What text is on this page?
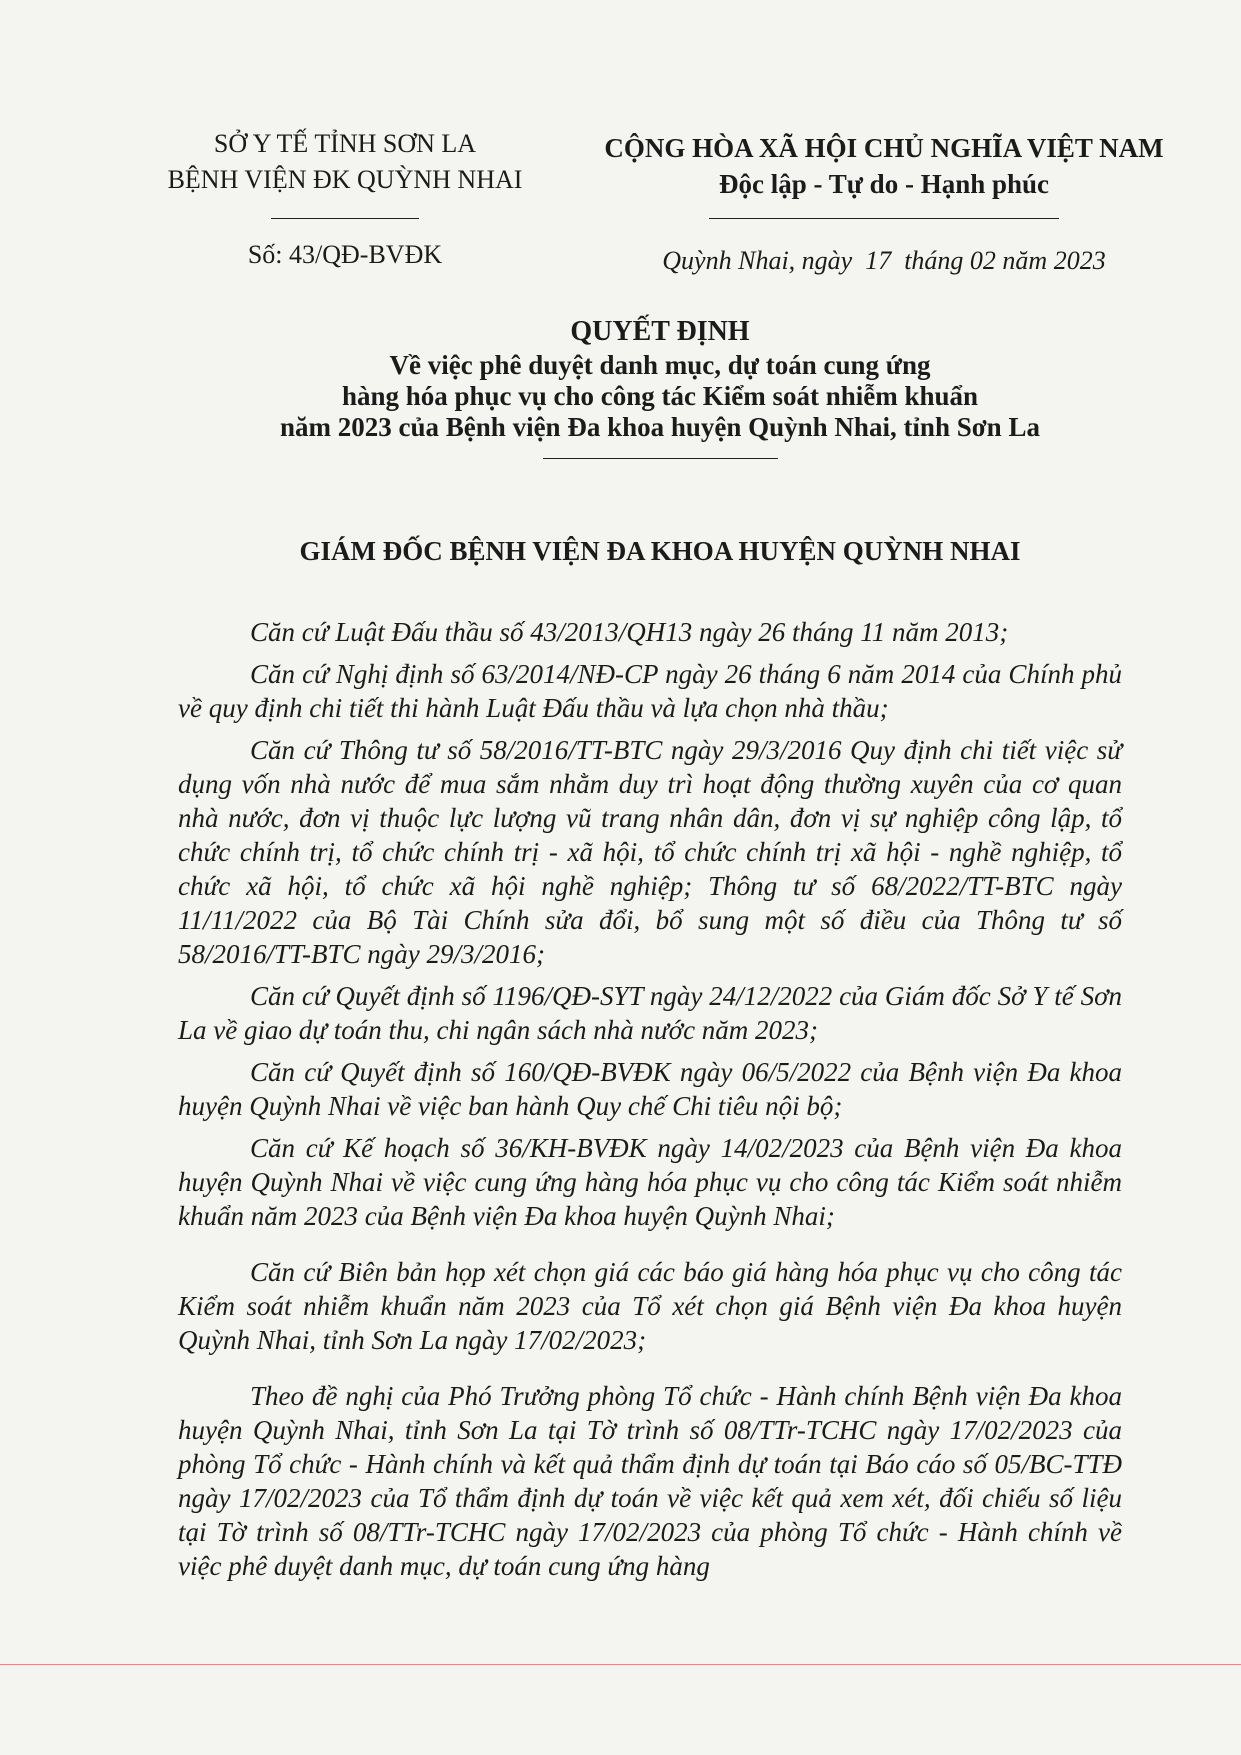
SỞ Y TẾ TỈNH SƠN LA
BỆNH VIỆN ĐK QUỲNH NHAI
Số: 43/QĐ-BVĐK
CỘNG HÒA XÃ HỘI CHỦ NGHĨA VIỆT NAM
Độc lập - Tự do - Hạnh phúc
Quỳnh Nhai, ngày  17  tháng 02 năm 2023
QUYẾT ĐỊNH
Về việc phê duyệt danh mục, dự toán cung ứng
hàng hóa phục vụ cho công tác Kiểm soát nhiễm khuẩn
năm 2023 của Bệnh viện Đa khoa huyện Quỳnh Nhai, tỉnh Sơn La
GIÁM ĐỐC BỆNH VIỆN ĐA KHOA HUYỆN QUỲNH NHAI

Căn cứ Luật Đấu thầu số 43/2013/QH13 ngày 26 tháng 11 năm 2013;

Căn cứ Nghị định số 63/2014/NĐ-CP ngày 26 tháng 6 năm 2014 của Chính phủ về quy định chi tiết thi hành Luật Đấu thầu và lựa chọn nhà thầu;

Căn cứ Thông tư số 58/2016/TT-BTC ngày 29/3/2016 Quy định chi tiết việc sử dụng vốn nhà nước để mua sắm nhằm duy trì hoạt động thường xuyên của cơ quan nhà nước, đơn vị thuộc lực lượng vũ trang nhân dân, đơn vị sự nghiệp công lập, tổ chức chính trị, tổ chức chính trị - xã hội, tổ chức chính trị xã hội - nghề nghiệp, tổ chức xã hội, tổ chức xã hội nghề nghiệp; Thông tư số 68/2022/TT-BTC ngày 11/11/2022 của Bộ Tài Chính sửa đổi, bổ sung một số điều của Thông tư số 58/2016/TT-BTC ngày 29/3/2016;

Căn cứ Quyết định số 1196/QĐ-SYT ngày 24/12/2022 của Giám đốc Sở Y tế Sơn La về giao dự toán thu, chi ngân sách nhà nước năm 2023;

Căn cứ Quyết định số 160/QĐ-BVĐK ngày 06/5/2022 của Bệnh viện Đa khoa huyện Quỳnh Nhai về việc ban hành Quy chế Chi tiêu nội bộ;

Căn cứ Kế hoạch số 36/KH-BVĐK ngày 14/02/2023 của Bệnh viện Đa khoa huyện Quỳnh Nhai về việc cung ứng hàng hóa phục vụ cho công tác Kiểm soát nhiễm khuẩn năm 2023 của Bệnh viện Đa khoa huyện Quỳnh Nhai;

Căn cứ Biên bản họp xét chọn giá các báo giá hàng hóa phục vụ cho công tác Kiểm soát nhiễm khuẩn năm 2023 của Tổ xét chọn giá Bệnh viện Đa khoa huyện Quỳnh Nhai, tỉnh Sơn La ngày 17/02/2023;

Theo đề nghị của Phó Trưởng phòng Tổ chức - Hành chính Bệnh viện Đa khoa huyện Quỳnh Nhai, tỉnh Sơn La tại Tờ trình số 08/TTr-TCHC ngày 17/02/2023 của phòng Tổ chức - Hành chính và kết quả thẩm định dự toán tại Báo cáo số 05/BC-TTĐ ngày 17/02/2023 của Tổ thẩm định dự toán về việc kết quả xem xét, đối chiếu số liệu tại Tờ trình số 08/TTr-TCHC ngày 17/02/2023 của phòng Tổ chức - Hành chính về việc phê duyệt danh mục, dự toán cung ứng hàng
